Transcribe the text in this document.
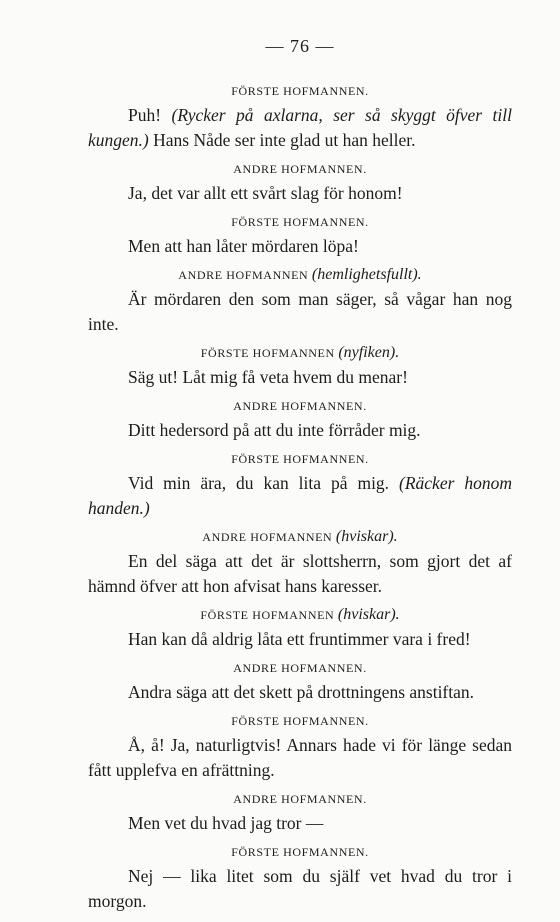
— 76 —
FÖRSTE HOFMANNEN.

Puh! (Rycker på axlarna, ser så skyggt öfver till kungen.) Hans Nåde ser inte glad ut han heller.

ANDRE HOFMANNEN.

Ja, det var allt ett svårt slag för honom!

FÖRSTE HOFMANNEN.

Men att han låter mördaren löpa!

ANDRE HOFMANNEN (hemlighetsfullt).

Är mördaren den som man säger, så vågar han nog inte.

FÖRSTE HOFMANNEN (nyfiken).

Säg ut! Låt mig få veta hvem du menar!

ANDRE HOFMANNEN.

Ditt hedersord på att du inte förråder mig.

FÖRSTE HOFMANNEN.

Vid min ära, du kan lita på mig. (Räcker honom handen.)

ANDRE HOFMANNEN (hviskar).

En del säga att det är slottsherrn, som gjort det af hämnd öfver att hon afvisat hans karesser.

FÖRSTE HOFMANNEN (hviskar).

Han kan då aldrig låta ett fruntimmer vara i fred!

ANDRE HOFMANNEN.

Andra säga att det skett på drottningens anstiftan.

FÖRSTE HOFMANNEN.

Å, å! Ja, naturligtvis! Annars hade vi för länge sedan fått upplefva en afrättning.

ANDRE HOFMANNEN.

Men vet du hvad jag tror —

FÖRSTE HOFMANNEN.

Nej — lika litet som du själf vet hvad du tror i morgon.
